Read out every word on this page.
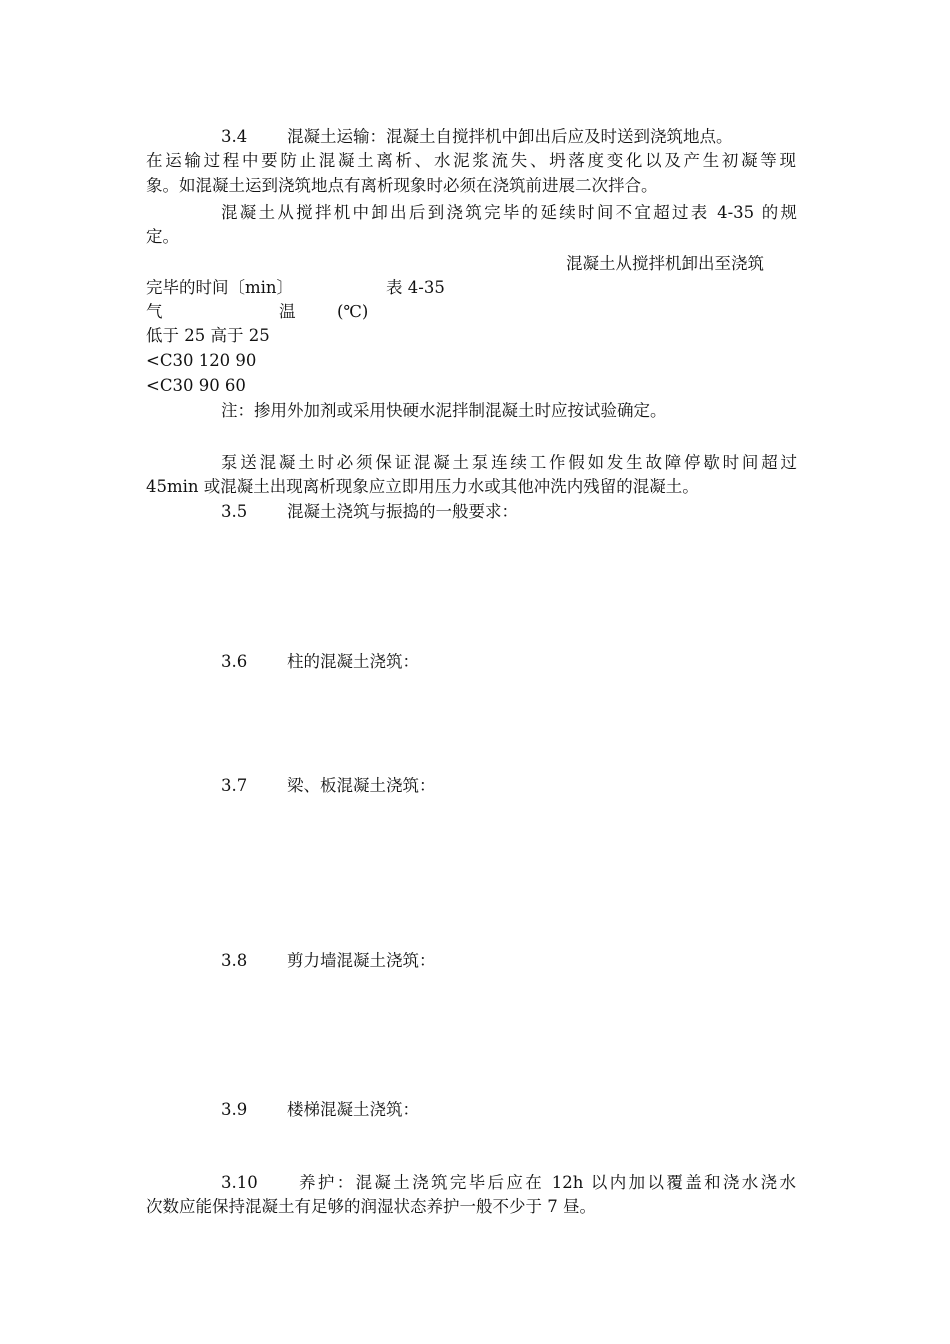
3.4 混凝土运输：混凝土自搅拌机中卸出后应及时送到浇筑地点。
在运输过程中要防止混凝土离析、水泥浆流失、坍落度变化以及产生初凝等现
象。如混凝土运到浇筑地点有离析现象时必须在浇筑前进展二次拌合。
混凝土从搅拌机中卸出后到浇筑完毕的延续时间不宜超过表 4-35 的规
定。
混凝土从搅拌机卸出至浇筑
完毕的时间〔min〕	表 4-35
气	温	(℃)
低于 25 高于 25
<C30 120 90
<C30 90 60
注：掺用外加剂或采用快硬水泥拌制混凝土时应按试验确定。
泵送混凝土时必须保证混凝土泵连续工作假如发生故障停歇时间超过
45min 或混凝土出现离析现象应立即用压力水或其他冲洗内残留的混凝土。
3.5 混凝土浇筑与振捣的一般要求：
3.6 柱的混凝土浇筑：
3.7 梁、板混凝土浇筑：
3.8 剪力墙混凝土浇筑：
3.9 楼梯混凝土浇筑：
3.10	养护：混凝土浇筑完毕后应在 12h 以内加以覆盖和浇水浇水
次数应能保持混凝土有足够的润湿状态养护一般不少于 7 昼。
